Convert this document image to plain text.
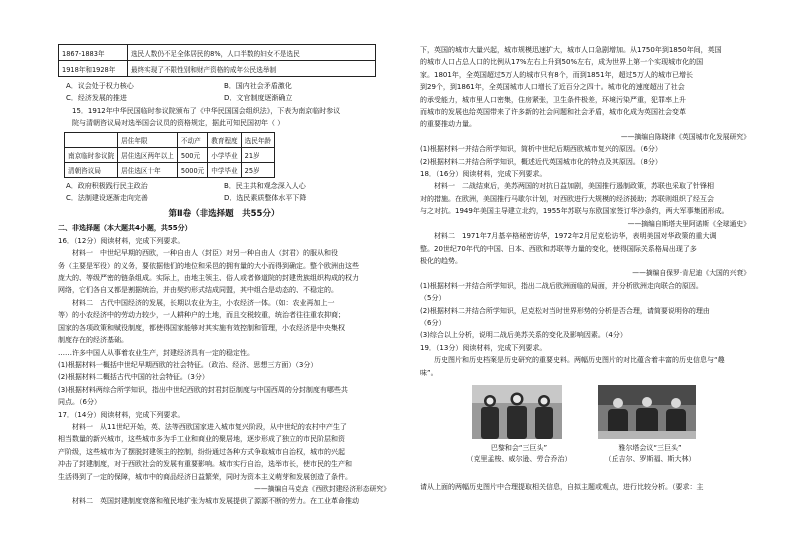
1867-1883年	选民人数仍不足全体居民的8%，人口半数的妇女不是选民
1918年和1928年	最终实现了不限性别和财产资格的成年公民选举制
A．议会处于权力核心	B．国内社会矛盾激化
C．经济发展的推进	D．文官制度逐渐确立
15．1912年中华民国临时参议院颁布了《中华民国国会组织法》，下表为南京临时参议
院与清朝咨议局对选举国会议员的资格规定，据此可知民国初年（ ）
	居住年限	不动产	教育程度	选民年龄
南京临时参议院	居住选区两年以上	500元	小学毕业	21岁
清朝咨议局	居住选区十年	5000元	中学毕业	25岁
A．政府积极践行民主政治	B．民主共和观念深入人心
C．法制建设逐渐走向完善	D．选民素质整体水平下降
第Ⅱ卷（非选择题　共55分）
二、非选择题（本大题共4小题，共55分）
16．（12分）阅读材料，完成下列要求。
材料一　中世纪早期的西欧，一种自由人（封臣）对另一种自由人（封君）的服从和役
务（主要是军役）的义务，要依据他们的地位和采邑的拥有量的大小而得到确定。整个欧洲由这些
庞大的、等级严密的链条组成。实际上，由地主领主、俗人或者修道院的封建贵族组织构成的权力
网络，它们各自又都是割据统治，并由契约形式结成同盟，其中组合是动态的、不稳定的。
材料二　古代中国经济的发展，长期以农业为主，小农经济一体。（如：农业再加上一
等）的小农经济中的劳动力较少，一人耕种户的土地，而且交税较重，统治者往往重农抑商；
国家的各项政策和赋役制度，都使得国家能够对其实施有效控制和管理，小农经济是中央集权
制度存在的经济基础。
……许多中国人从事着农业生产，封建经济具有一定的稳定性。
(1)根据材料一概括中世纪早期西欧的社会特征。（政治、经济、思想三方面）（3分）
(2)根据材料二概括古代中国的社会特征。（3分）
(3)根据材料两综合所学知识，指出中世纪西欧的封君封臣制度与中国西周的分封制度有哪些共
同点。（6分）
17．（14分）阅读材料，完成下列要求。
材料一　从11世纪开始，英、法等西欧国家进入城市复兴阶段，从中世纪的农村中产生了
相当数量的新兴城市，这些城市多为手工业和商业的聚居地，逐步形成了独立的市民阶层和资
产阶级，这些城市为了摆脱封建领主的控制，纷纷通过各种方式争取城市自治权，城市的兴起
冲击了封建制度，对于西欧社会的发展有重要影响。城市实行自治，选举市长，使市民的生产和
生活得到了一定的保障，城市中的商品经济日益繁荣，同时为资本主义萌芽和发展创造了条件。
——摘编自马克垚《西欧封建经济形态研究》
材料二　英国封建制度衰落和殖民地扩张为城市发展提供了源源不断的劳力。在工业革命推动
下，英国的城市大量兴起，城市规模迅速扩大，城市人口急剧增加。从1750年到1850年间，英国
的城市人口占总人口的比例从17%左右上升到50%左右，成为世界上第一个实现城市化的国
家。1801年，全英国超过5万人的城市只有8个，而到1851年，超过5万人的城市已增长
到29个，到1861年，全英国城市人口增长了近百分之四十。城市化的速度超出了社会
的承受能力，城市里人口密集，住房紧张，卫生条件极差，环境污染严重，犯罪率上升
而城市的发展也给英国带来了许多新的社会问题和社会矛盾，城市化成为英国社会变革
的重要推动力量。
——摘编自陈晓律《英国城市化发展研究》
(1)根据材料一并结合所学知识，简析中世纪后期西欧城市复兴的原因。（6分）
(2)根据材料二并结合所学知识，概述近代英国城市化的特点及其原因。（8分）
18．（16分）阅读材料，完成下列要求。
材料一　二战结束后，美苏两国的对抗日益加剧，美国推行遏制政策，苏联也采取了针锋相
对的措施。在欧洲，美国推行马歇尔计划，对西欧进行大规模的经济援助；苏联则组织了经互会
与之对抗。1949年美国主导建立北约，1955年苏联与东欧国家签订华沙条约，两大军事集团形成。
——摘编自斯塔夫里阿诺斯《全球通史》
材料二　1971年7月基辛格秘密访华，1972年2月尼克松访华，表明美国对华政策的重大调
整。20世纪70年代的中国、日本、西欧和苏联等力量的变化，使得国际关系格局出现了多
极化的趋势。
——摘编自保罗·肯尼迪《大国的兴衰》
(1)根据材料一并结合所学知识，指出二战后欧洲面临的局面，并分析欧洲走向联合的原因。
（5分）
(2)根据材料二并结合所学知识，尼克松对当时世界形势的分析是否合理，请简要说明你的理由
（6分）
(3)综合以上分析，说明二战后美苏关系的变化及影响因素。（4分）
19．（13分）阅读材料，完成下列要求。
历史图片和历史档案是历史研究的重要史料。两幅历史图片的对比蕴含着丰富的历史信息与“趣
味”。
巴黎和会“三巨头”
（克里孟梭、威尔逊、劳合乔治）
雅尔塔会议“三巨头”
（丘吉尔、罗斯福、斯大林）
请从上面的两幅历史图片中合理提取相关信息，自拟主题或观点，进行比较分析。（要求：主
